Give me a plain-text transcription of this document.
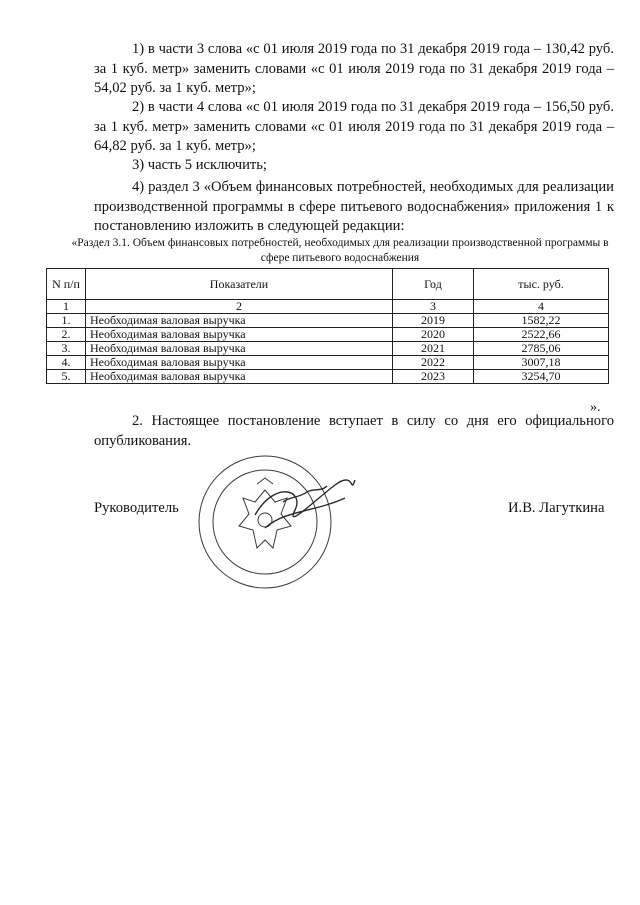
1) в части 3 слова «с 01 июля 2019 года по 31 декабря 2019 года – 130,42 руб. за 1 куб. метр» заменить словами «с 01 июля 2019 года по 31 декабря 2019 года – 54,02 руб. за 1 куб. метр»;
2) в части 4 слова «с 01 июля 2019 года по 31 декабря 2019 года – 156,50 руб. за 1 куб. метр» заменить словами «с 01 июля 2019 года по 31 декабря 2019 года – 64,82 руб. за 1 куб. метр»;
3) часть 5 исключить;
4) раздел 3 «Объем финансовых потребностей, необходимых для реализации производственной программы в сфере питьевого водоснабжения» приложения 1 к постановлению изложить в следующей редакции:
«Раздел 3.1. Объем финансовых потребностей, необходимых для реализации производственной программы в сфере питьевого водоснабжения
N п/п	Показатели	Год	тыс. руб.
1	2	3	4
1.	Необходимая валовая выручка	2019	1582,22
2.	Необходимая валовая выручка	2020	2522,66
3.	Необходимая валовая выручка	2021	2785,06
4.	Необходимая валовая выручка	2022	3007,18
5.	Необходимая валовая выручка	2023	3254,70
».
2. Настоящее постановление вступает в силу со дня его официального опубликования.
Руководитель	И.В. Лагуткина
